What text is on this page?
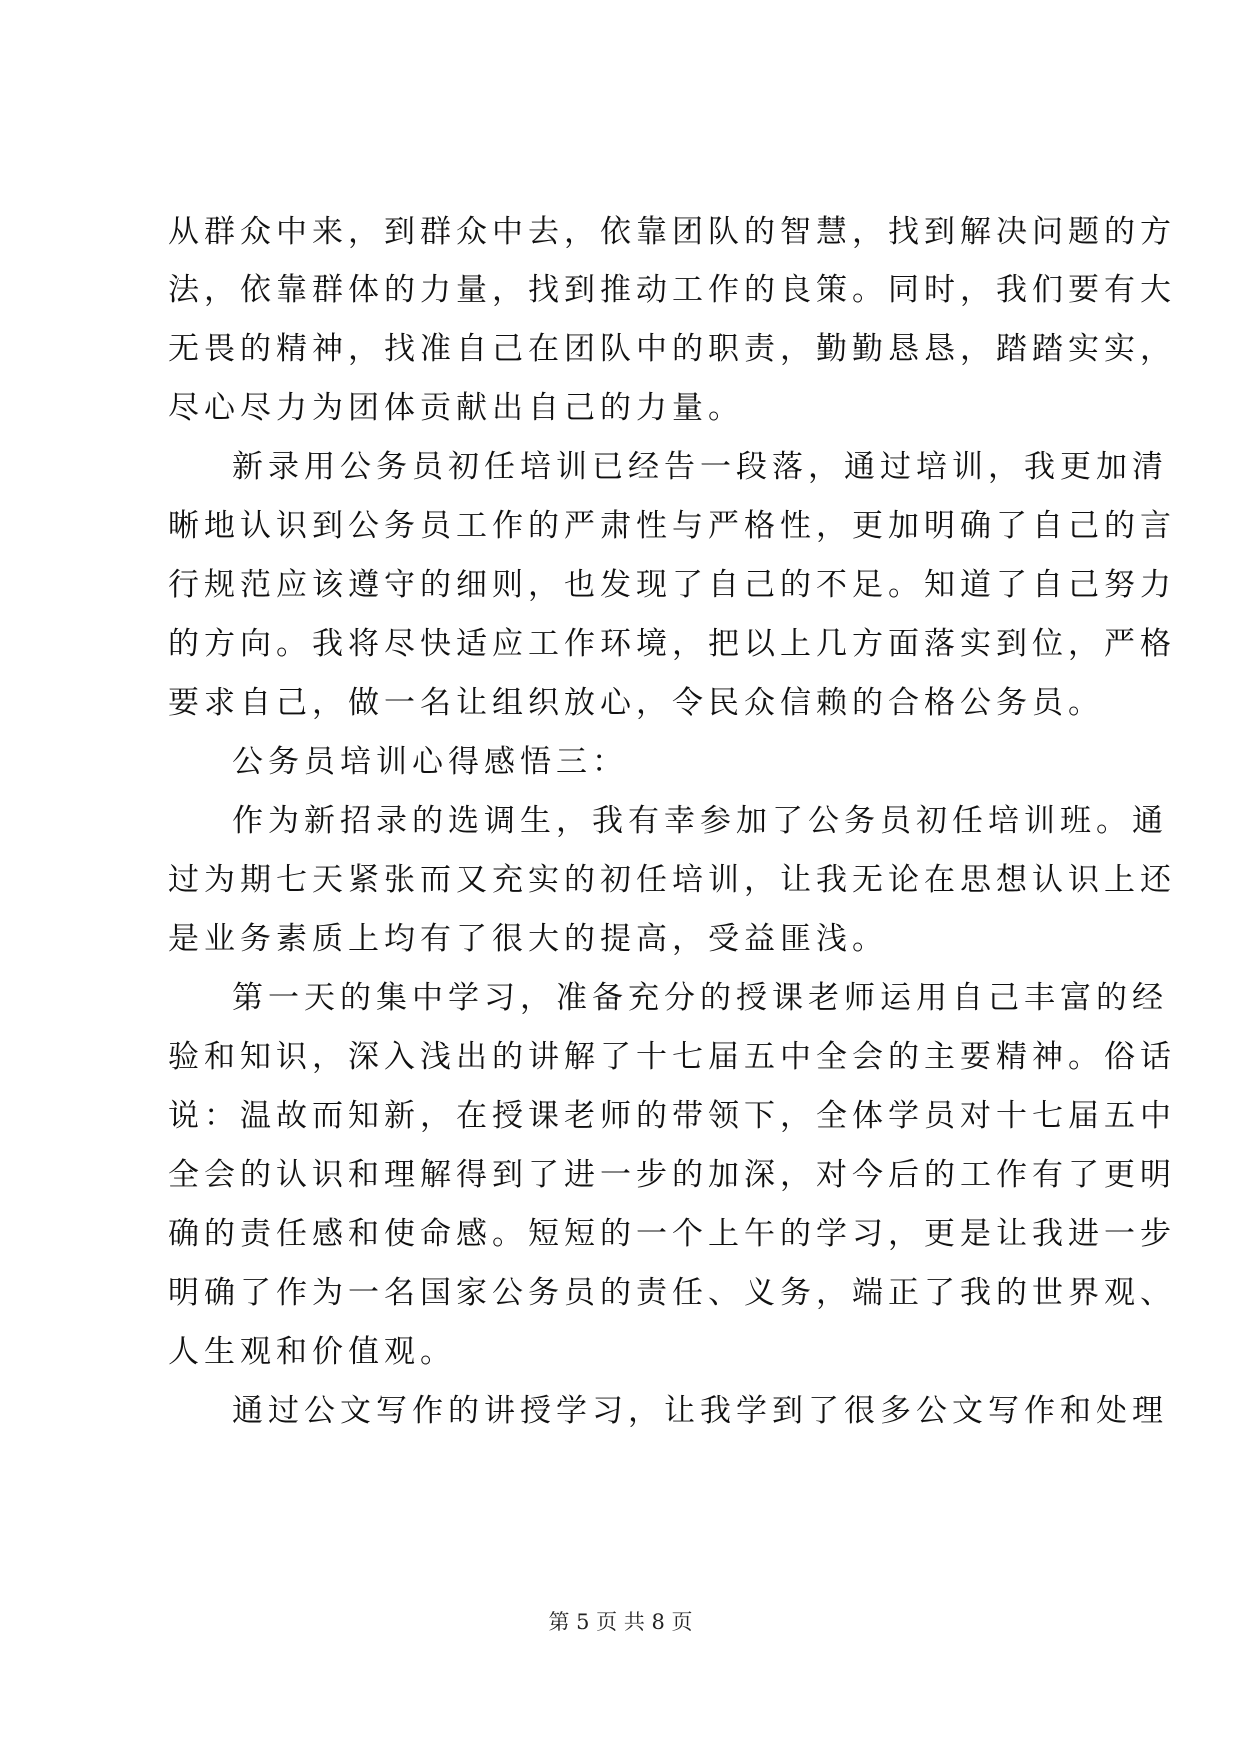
从群众中来，到群众中去，依靠团队的智慧，找到解决问题的方
法，依靠群体的力量，找到推动工作的良策。同时，我们要有大
无畏的精神，找准自己在团队中的职责，勤勤恳恳，踏踏实实，
尽心尽力为团体贡献出自己的力量。
新录用公务员初任培训已经告一段落，通过培训，我更加清
晰地认识到公务员工作的严肃性与严格性，更加明确了自己的言
行规范应该遵守的细则，也发现了自己的不足。知道了自己努力
的方向。我将尽快适应工作环境，把以上几方面落实到位，严格
要求自己，做一名让组织放心，令民众信赖的合格公务员。
公务员培训心得感悟三：
作为新招录的选调生，我有幸参加了公务员初任培训班。通
过为期七天紧张而又充实的初任培训，让我无论在思想认识上还
是业务素质上均有了很大的提高，受益匪浅。
第一天的集中学习，准备充分的授课老师运用自己丰富的经
验和知识，深入浅出的讲解了十七届五中全会的主要精神。俗话
说：温故而知新，在授课老师的带领下，全体学员对十七届五中
全会的认识和理解得到了进一步的加深，对今后的工作有了更明
确的责任感和使命感。短短的一个上午的学习，更是让我进一步
明确了作为一名国家公务员的责任、义务，端正了我的世界观、
人生观和价值观。
通过公文写作的讲授学习，让我学到了很多公文写作和处理
第 5 页 共 8 页
